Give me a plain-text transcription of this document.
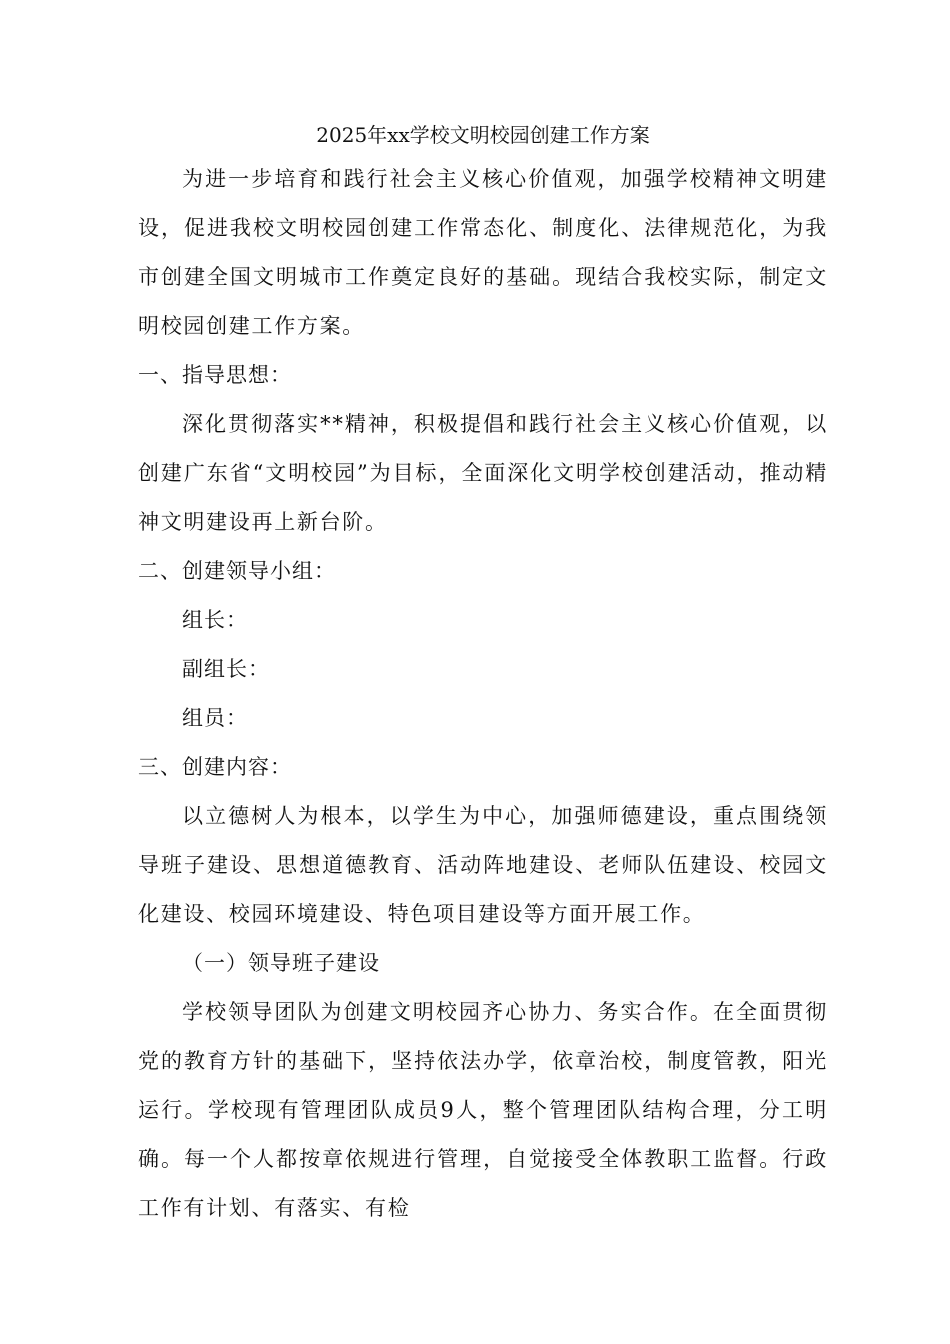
2025年xx学校文明校园创建工作方案

为进一步培育和践行社会主义核心价值观，加强学校精神文明建设，促进我校文明校园创建工作常态化、制度化、法律规范化，为我市创建全国文明城市工作奠定良好的基础。现结合我校实际，制定文明校园创建工作方案。

一、指导思想：

深化贯彻落实**精神，积极提倡和践行社会主义核心价值观，以创建广东省“文明校园”为目标，全面深化文明学校创建活动，推动精神文明建设再上新台阶。

二、创建领导小组：

组长：

副组长：

组员：

三、创建内容：

以立德树人为根本，以学生为中心，加强师德建设，重点围绕领导班子建设、思想道德教育、活动阵地建设、老师队伍建设、校园文化建设、校园环境建设、特色项目建设等方面开展工作。

（一）领导班子建设

学校领导团队为创建文明校园齐心协力、务实合作。在全面贯彻党的教育方针的基础下，坚持依法办学，依章治校，制度管教，阳光运行。学校现有管理团队成员9人，整个管理团队结构合理，分工明确。每一个人都按章依规进行管理，自觉接受全体教职工监督。行政工作有计划、有落实、有检
